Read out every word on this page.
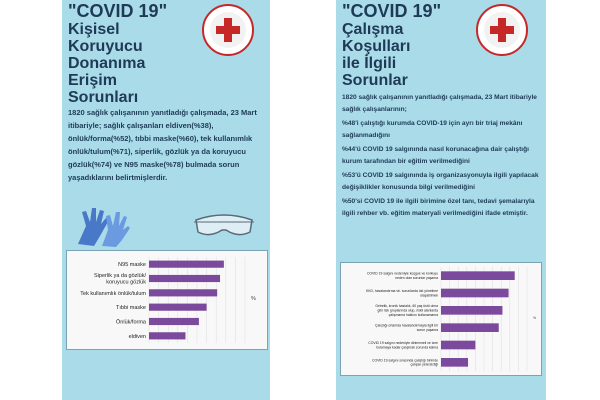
"COVID 19"
Kişisel
Koruyucu
Donanıma
Erişim
Sorunları
1820 sağlık çalışanının yanıtladığı çalışmada, 23 Mart itibariyle; sağlık çalışanları eldiven(%38), önlük/forma(%52), tıbbi maske(%60), tek kullanımlık önlük/tulum(%71), siperlik, gözlük ya da koruyucu gözlük(%74) ve N95 maske(%78) bulmada sorun yaşadıklarını belirtmişlerdir.
N95 maske
Siperlik ya da gözlük/
koruyucu gözlük
Tek kullanımlık önlük/tulum
Tıbbi maske
Önlük/forma
eldiven
%
"COVID 19"
Çalışma
Koşulları
ile İlgili
Sorunlar
1820 sağlık çalışanının yanıtladığı çalışmada, 23 Mart itibariyle sağlık çalışanlarının;
%48'i çalıştığı kurumda COVID-19 için ayrı bir triaj mekânı sağlanmadığını
%44'ü COVID 19 salgınında nasıl korunacağına dair çalıştığı kurum tarafından bir eğitim verilmediğini
%53'ü COVID 19 salgınında iş organizasyonuyla ilgili yapılacak değişiklikler konusunda bilgi verilmediğini
%50'si COVID 19 ile ilgili birimine özel tanı, tedavi şemalarıyla ilgili rehber vb. eğitim materyali verilmediğini ifade etmiştir.
COVID 19 salgını nedeniyle koşgue ve korkuyu
neden olan sorunlar yaşama
KKD, havalandırma vb. sorunlarda üst yönetime
ulaşabilmek
Gebelik, kronik hastalık, 60 yaş üstü olma
gibi risk gruplarında olup, riskli alanlarda
çalışmama hakkını kullanamama
Çalıştığı ortamda havalandırmayla ilgili bir
sorun yaşama
COVID 19 salgını nedeniyle dinlenmeli ve izne
bulamaya kadar çalışmak zorunda kalma
COVID 19 salgını sırasında çalıştığı birimde
çalışan yetersizliği
%
